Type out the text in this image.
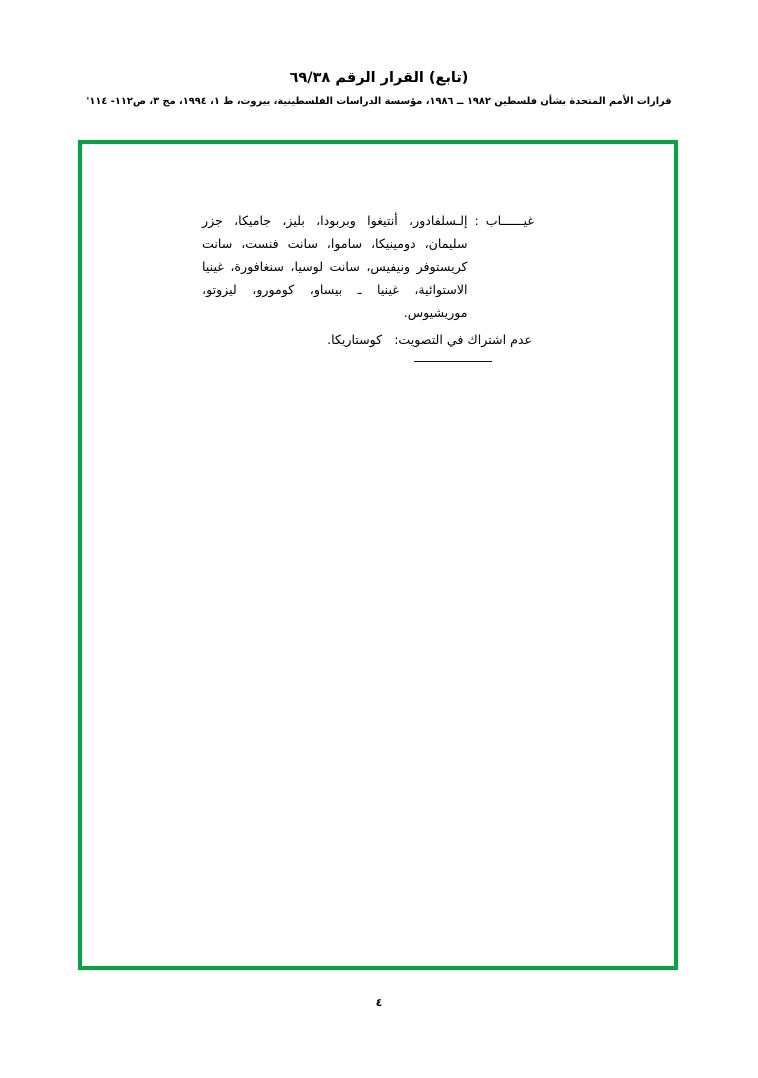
(تابع) القرار الرقم ٦٩/٣٨
قرارات الأمم المتحدة بشأن فلسطين ١٩٨٢ ــ ١٩٨٦، مؤسسة الدراسات الفلسطينية، بيروت، ط ١، ١٩٩٤، مج ٣، ص١١٢- ١١٤'
غيــــــاب
:
إلـسلفادور، أنتيغوا وبربودا، بليز، جاميكا، جزر سليمان، دومينيكا، ساموا، سانت فنست، سانت كريستوفر ونيفيس، سانت لوسيا، سنغافورة، غينيا الاستوائية، غينيا ـ بيساو، كومورو، ليزوتو، موريشيوس.
عدم اشتراك في التصويت: كوستاريكا.
٤
